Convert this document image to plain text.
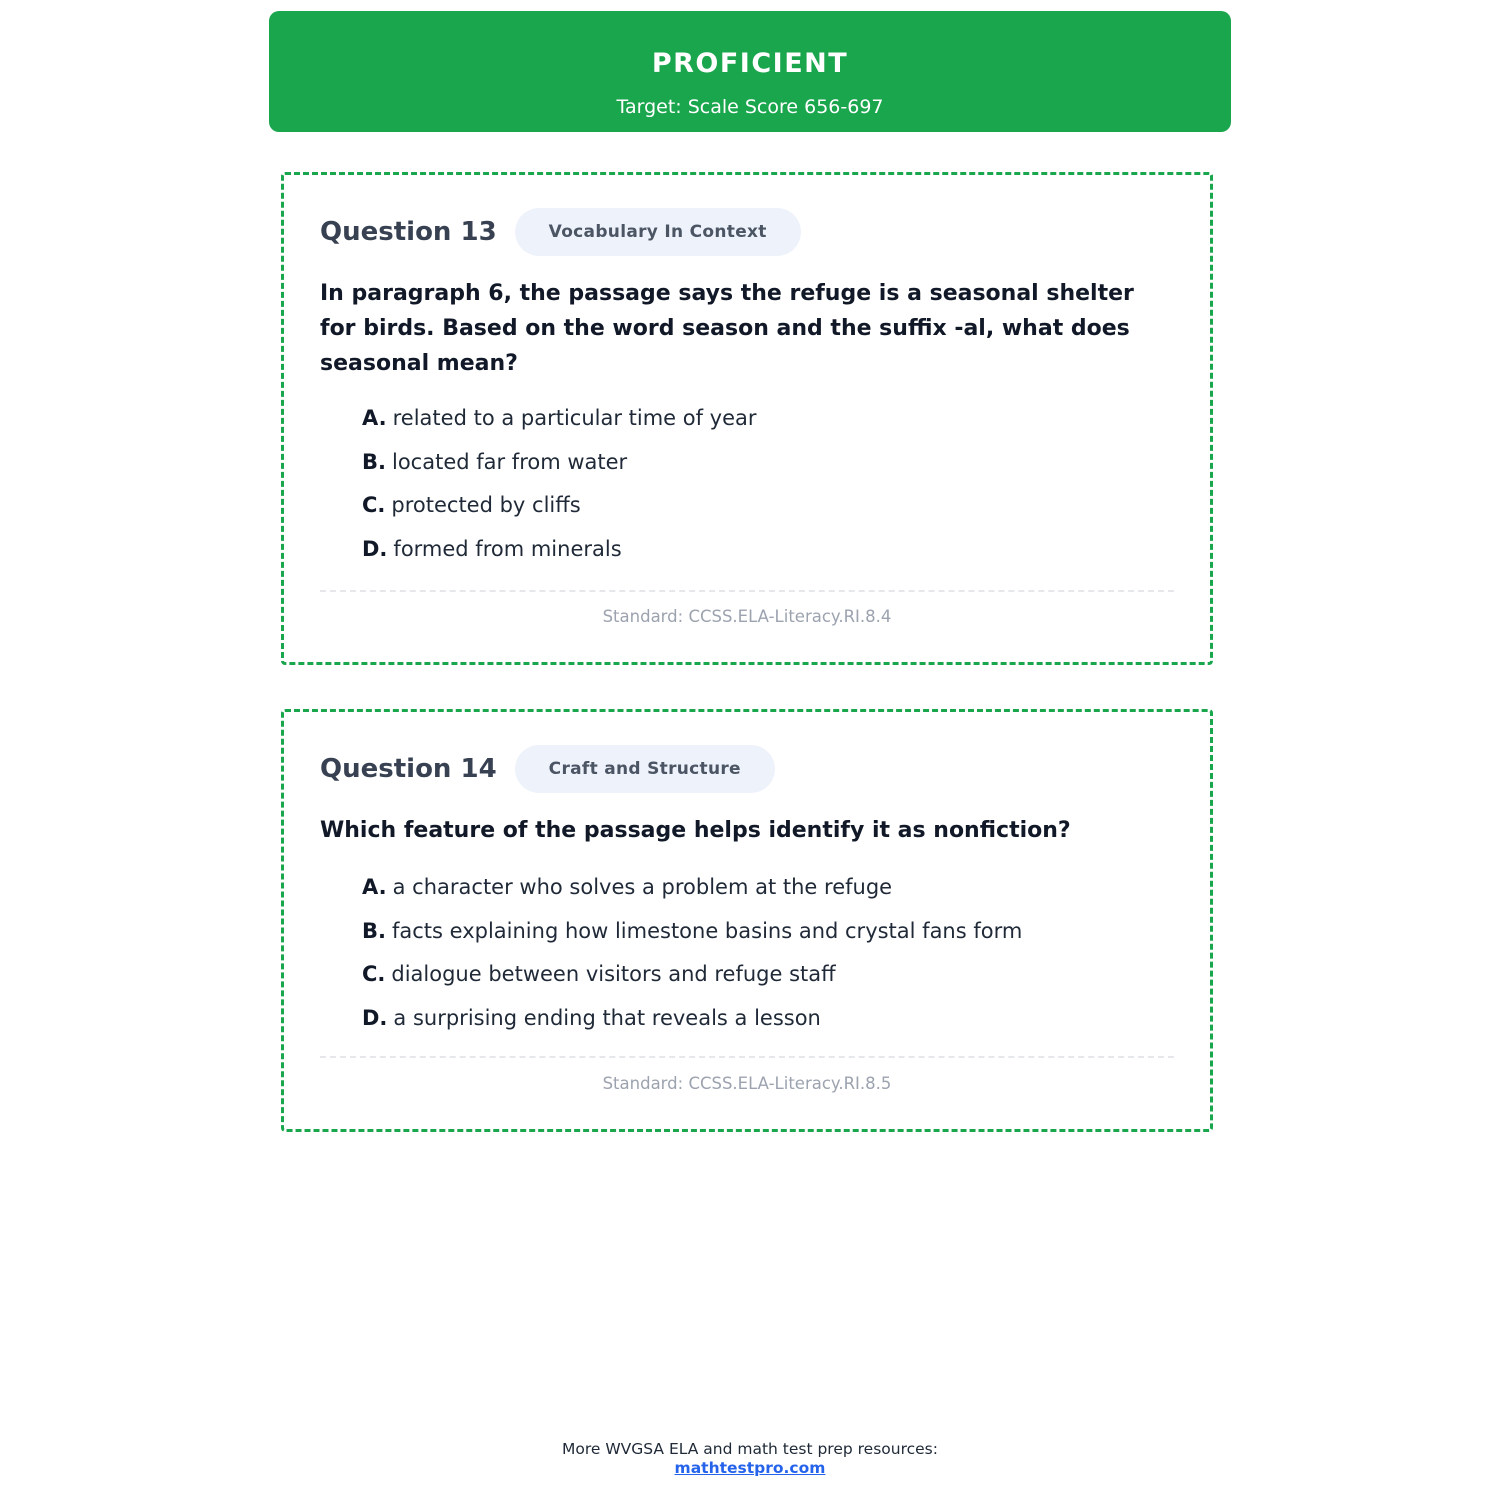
PROFICIENT
Target: Scale Score 656-697
Question 13	Vocabulary In Context
In paragraph 6, the passage says the refuge is a seasonal shelter for birds. Based on the word season and the suffix -al, what does seasonal mean?
A. related to a particular time of year
B. located far from water
C. protected by cliffs
D. formed from minerals
Standard: CCSS.ELA-Literacy.RI.8.4
Question 14	Craft and Structure
Which feature of the passage helps identify it as nonfiction?
A. a character who solves a problem at the refuge
B. facts explaining how limestone basins and crystal fans form
C. dialogue between visitors and refuge staff
D. a surprising ending that reveals a lesson
Standard: CCSS.ELA-Literacy.RI.8.5
More WVGSA ELA and math test prep resources:
mathtestpro.com
